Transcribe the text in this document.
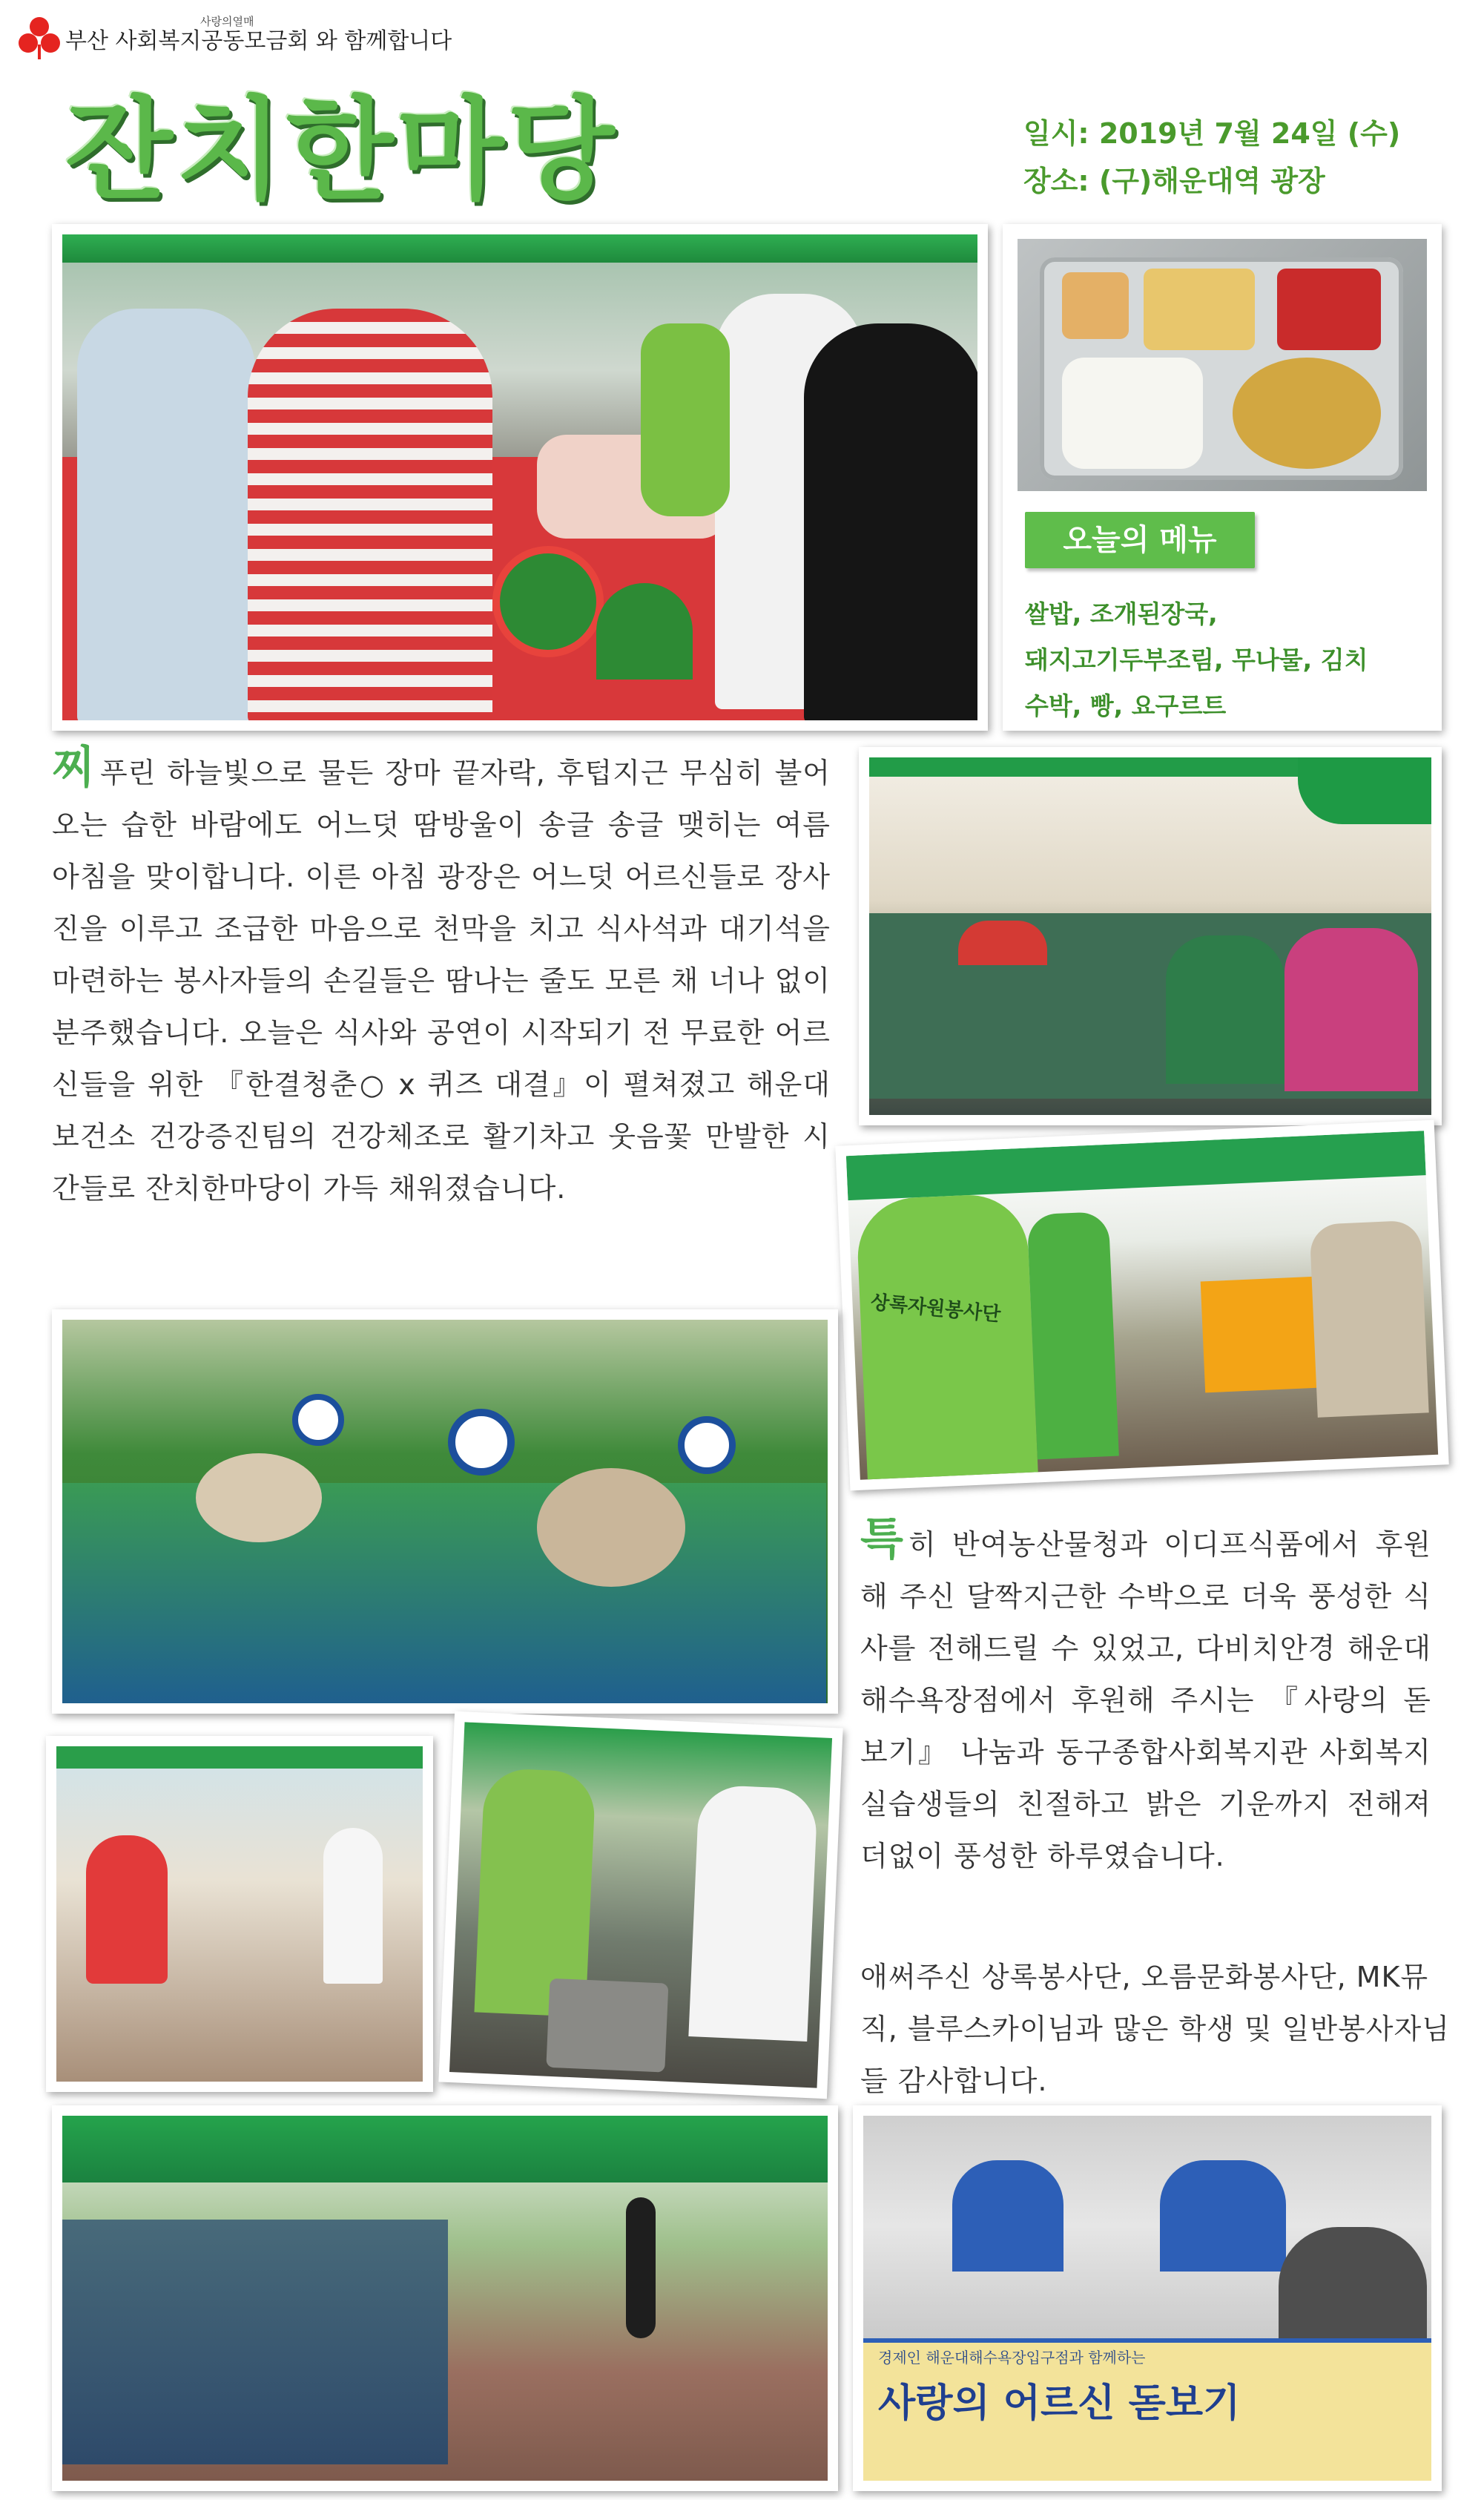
사랑의열매
부산 사회복지공동모금회 와 함께합니다
잔치한마당	일시: 2019년 7월 24일 (수)
장소: (구)해운대역 광장
오늘의 메뉴
쌀밥, 조개된장국,
돼지고기두부조림, 무나물, 김치
수박, 빵, 요구르트
찌푸린 하늘빛으로 물든 장마 끝자락, 후텁지근 무심히 불어오는 습한 바람에도 어느덧 땀방울이 송글 송글 맺히는 여름 아침을 맞이합니다. 이른 아침 광장은 어느덧 어르신들로 장사진을 이루고 조급한 마음으로 천막을 치고 식사석과 대기석을 마련하는 봉사자들의 손길들은 땀나는 줄도 모른 채 너나 없이 분주했습니다. 오늘은 식사와 공연이 시작되기 전 무료한 어르신들을 위한 『한결청춘○ x 퀴즈 대결』이 펼쳐졌고 해운대보건소 건강증진팀의 건강체조로 활기차고 웃음꽃 만발한 시간들로 잔치한마당이 가득 채워졌습니다.
상록자원봉사단
특히 반여농산물청과 이디프식품에서 후원해 주신 달짝지근한 수박으로 더욱 풍성한 식사를 전해드릴 수 있었고, 다비치안경 해운대해수욕장점에서 후원해 주시는 『사랑의 돋보기』 나눔과 동구종합사회복지관 사회복지 실습생들의 친절하고 밝은 기운까지 전해져 더없이 풍성한 하루였습니다.
애써주신 상록봉사단, 오름문화봉사단, MK뮤직, 블루스카이님과 많은 학생 및 일반봉사자님들 감사합니다.
경제인 해운대해수욕장입구점과 함께하는
사랑의 어르신 돋보기
